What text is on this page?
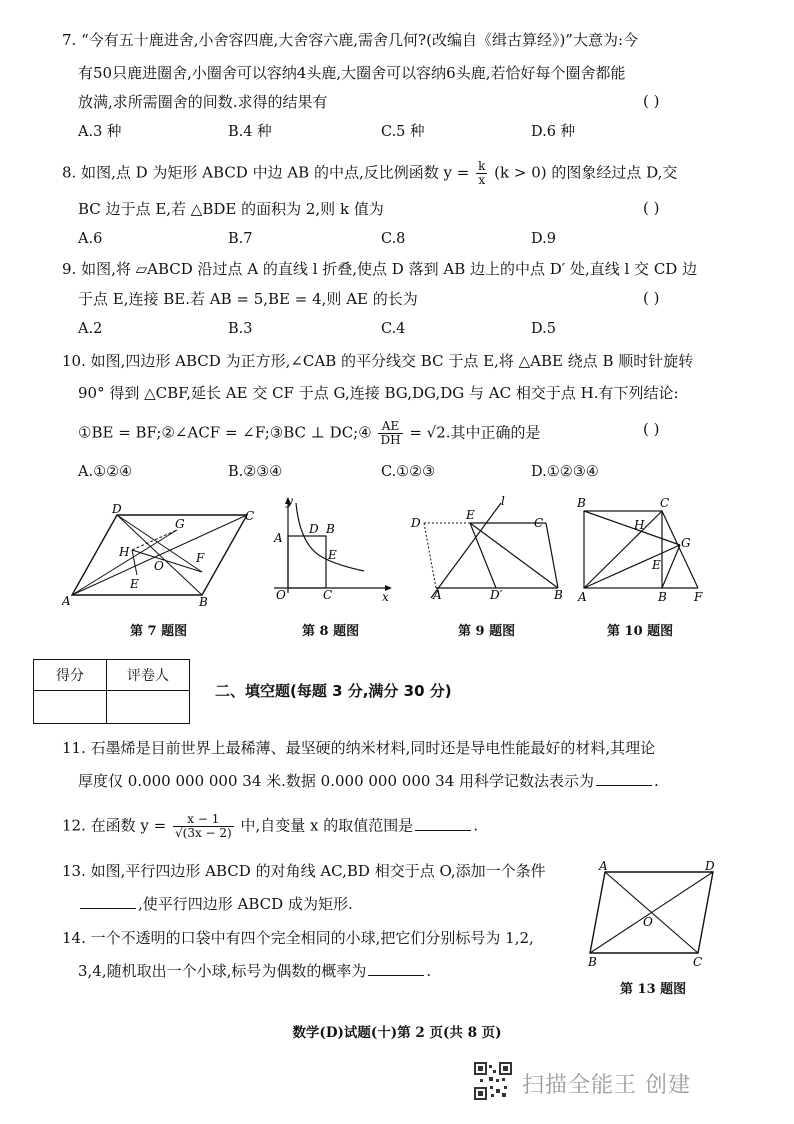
7. “今有五十鹿进舍,小舍容四鹿,大舍容六鹿,需舍几何?(改编自《缉古算经》)”大意为:今
有50只鹿进圈舍,小圈舍可以容纳4头鹿,大圈舍可以容纳6头鹿,若恰好每个圈舍都能
放满,求所需圈舍的间数.求得的结果有	( )
A.3 种	B.4 种	C.5 种	D.6 种
8. 如图,点 D 为矩形 ABCD 中边 AB 的中点,反比例函数 $y = \frac{k}{x} (k > 0)$ 的图象经过点 D,交
BC 边于点 E,若 △BDE 的面积为 2,则 k 值为	( )
A.6	B.7	C.8	D.9
9. 如图,将 ▱ABCD 沿过点 A 的直线 l 折叠,使点 D 落到 AB 边上的中点 D′ 处,直线 l 交 CD 边
于点 E,连接 BE.若 AB = 5,BE = 4,则 AE 的长为	( )
A.2	B.3	C.4	D.5
10. 如图,四边形 ABCD 为正方形,∠CAB 的平分线交 BC 于点 E,将 △ABE 绕点 B 顺时针旋转
90° 得到 △CBF,延长 AE 交 CF 于点 G,连接 BG,DG,DG 与 AC 相交于点 H.有下列结论:
①BE = BF;②∠ACF = ∠F;③BC ⊥ DC;④ $\frac{AE}{DH} = √2$.其中正确的是	( )
A.①②④	B.②③④	C.①②③	D.①②③④
D	C
G
H
O
F
E
A	B
第 7 题图
y
A
D B
E
O	C	x
第 8 题图
l
D
E
C
A	D′	B
第 9 题图
B	C
H
G
E
A	B F
第 10 题图
得分	评卷人

二、填空题(每题 3 分,满分 30 分)
11. 石墨烯是目前世界上最稀薄、最坚硬的纳米材料,同时还是导电性能最好的材料,其理论
厚度仅 0.000 000 000 34 米.数据 0.000 000 000 34 用科学记数法表示为	.
12. 在函数 $y = \frac{x - 1}{√(3x - 2)}$ 中,自变量 x 的取值范围是	.
13. 如图,平行四边形 ABCD 的对角线 AC,BD 相交于点 O,添加一个条件
,使平行四边形 ABCD 成为矩形.
A	D
O
B	C
第 13 题图
14. 一个不透明的口袋中有四个完全相同的小球,把它们分别标号为 1,2,
3,4,随机取出一个小球,标号为偶数的概率为	.
数学(D)试题(十)第 2 页(共 8 页)
扫描全能王 创建
